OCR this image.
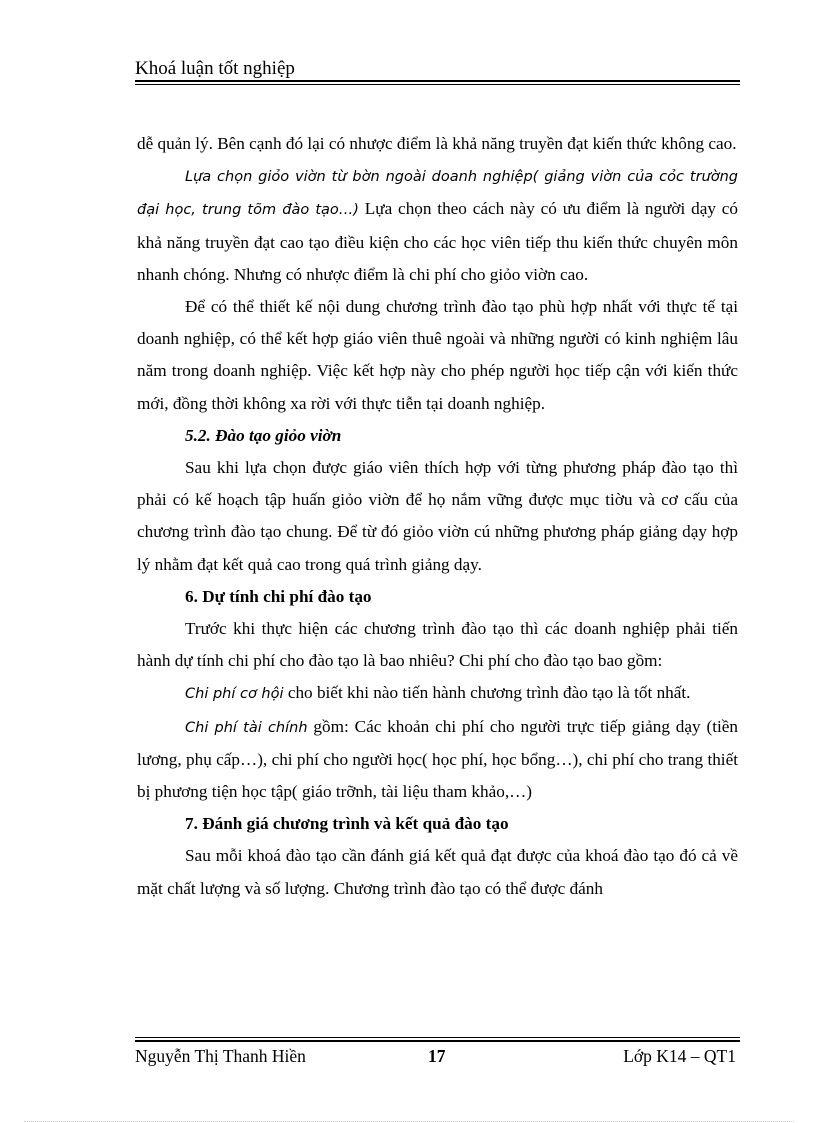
Khoá luận tốt nghiệp

dễ quản lý. Bên cạnh đó lại có nhược điểm là khả năng truyền đạt kiến thức không cao.

Lựa chọn giỏo viờn từ bờn ngoài doanh nghiệp( giảng viờn của cỏc trường đại học, trung tõm đào tạo…) Lựa chọn theo cách này có ưu điểm là người dạy có khả năng truyền đạt cao tạo điều kiện cho các học viên tiếp thu kiến thức chuyên môn nhanh chóng. Nhưng có nhược điểm là chi phí cho giỏo viờn cao.

Để có thể thiết kế nội dung chương trình đào tạo phù hợp nhất với thực tế tại doanh nghiệp, có thể kết hợp giáo viên thuê ngoài và những người có kinh nghiệm lâu năm trong doanh nghiệp. Việc kết hợp này cho phép người học tiếp cận với kiến thức mới, đồng thời không xa rời với thực tiễn tại doanh nghiệp.

5.2. Đào tạo giỏo viờn

Sau khi lựa chọn được giáo viên thích hợp với từng phương pháp đào tạo thì phải có kế hoạch tập huấn giỏo viờn để họ nắm vững được mục tiờu và cơ cấu của chương trình đào tạo chung. Để từ đó giỏo viờn cú những phương pháp giảng dạy hợp lý nhằm đạt kết quả cao trong quá trình giảng dạy.

6. Dự tính chi phí đào tạo

Trước khi thực hiện các chương trình đào tạo thì các doanh nghiệp phải tiến hành dự tính chi phí cho đào tạo là bao nhiêu? Chi phí cho đào tạo bao gồm:

Chi phí cơ hội cho biết khi nào tiến hành chương trình đào tạo là tốt nhất.

Chi phí tài chính gồm: Các khoản chi phí cho người trực tiếp giảng dạy (tiền lương, phụ cấp…), chi phí cho người học( học phí, học bổng…), chi phí cho trang thiết bị phương tiện học tập( giáo trỡnh, tài liệu tham khảo,…)

7. Đánh giá chương trình và kết quả đào tạo

Sau mỗi khoá đào tạo cần đánh giá kết quả đạt được của khoá đào tạo đó cả về mặt chất lượng và số lượng. Chương trình đào tạo có thể được đánh

Nguyễn Thị Thanh Hiền	17	Lớp K14 – QT1
